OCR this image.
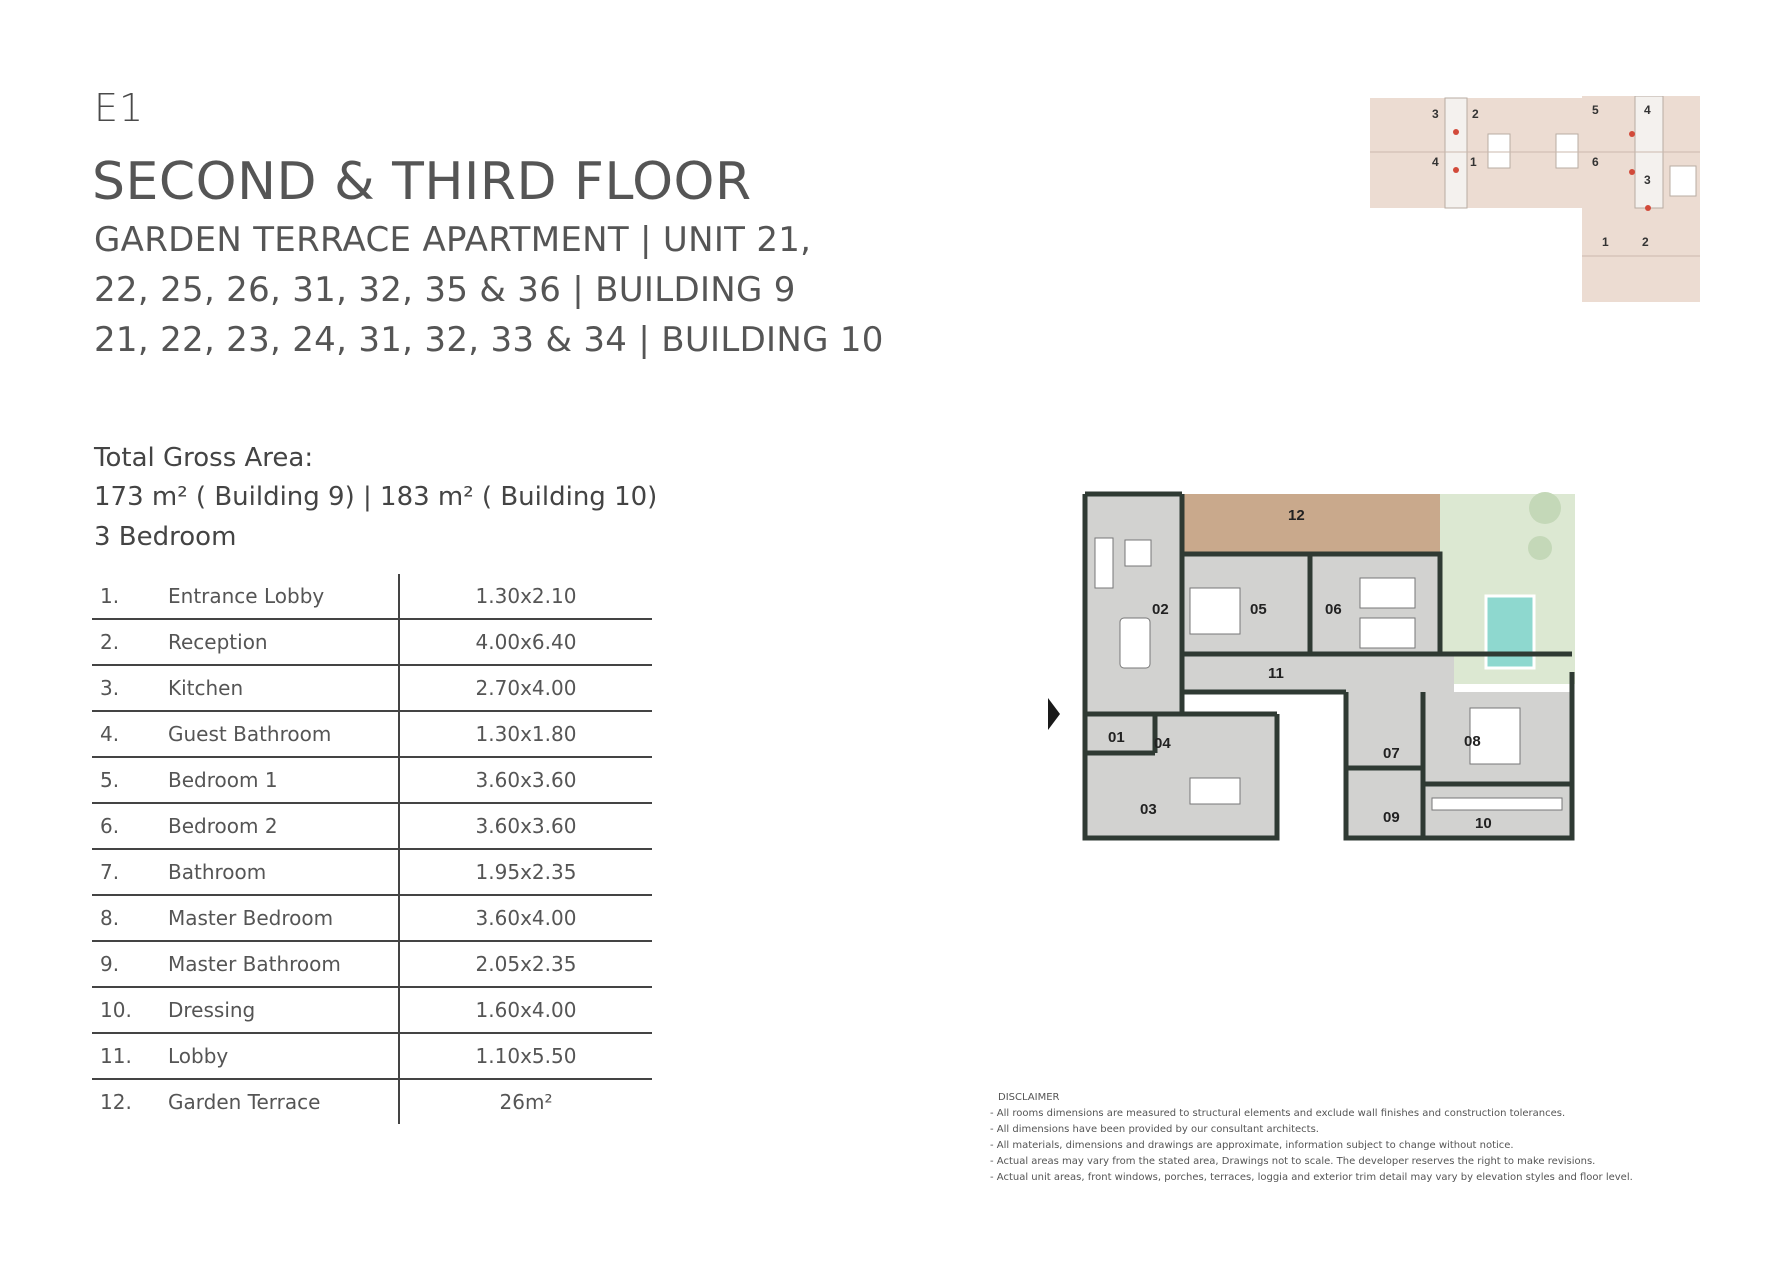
E1
SECOND & THIRD FLOOR
GARDEN TERRACE APARTMENT | UNIT 21,
22, 25, 26, 31, 32, 35 & 36 | BUILDING 9
21, 22, 23, 24, 31, 32, 33 & 34 | BUILDING 10
Total Gross Area:
173 m² ( Building 9) | 183 m² ( Building 10)
3 Bedroom
1.	Entrance Lobby	1.30x2.10
2.	Reception	4.00x6.40
3.	Kitchen	2.70x4.00
4.	Guest Bathroom	1.30x1.80
5.	Bedroom 1	3.60x3.60
6.	Bedroom 2	3.60x3.60
7.	Bathroom	1.95x2.35
8.	Master Bedroom	3.60x4.00
9.	Master Bathroom	2.05x2.35
10.	Dressing	1.60x4.00
11.	Lobby	1.10x5.50
12.	Garden Terrace	26m²
3	2	5	4
4	1	6
3
1	2
12
02	05	06
11
01 04
07
08
03	09	10
DISCLAIMER
- All rooms dimensions are measured to structural elements and exclude wall finishes and construction tolerances.
- All dimensions have been provided by our consultant architects.
- All materials, dimensions and drawings are approximate, information subject to change without notice.
- Actual areas may vary from the stated area, Drawings not to scale. The developer reserves the right to make revisions.
- Actual unit areas, front windows, porches, terraces, loggia and exterior trim detail may vary by elevation styles and floor level.
